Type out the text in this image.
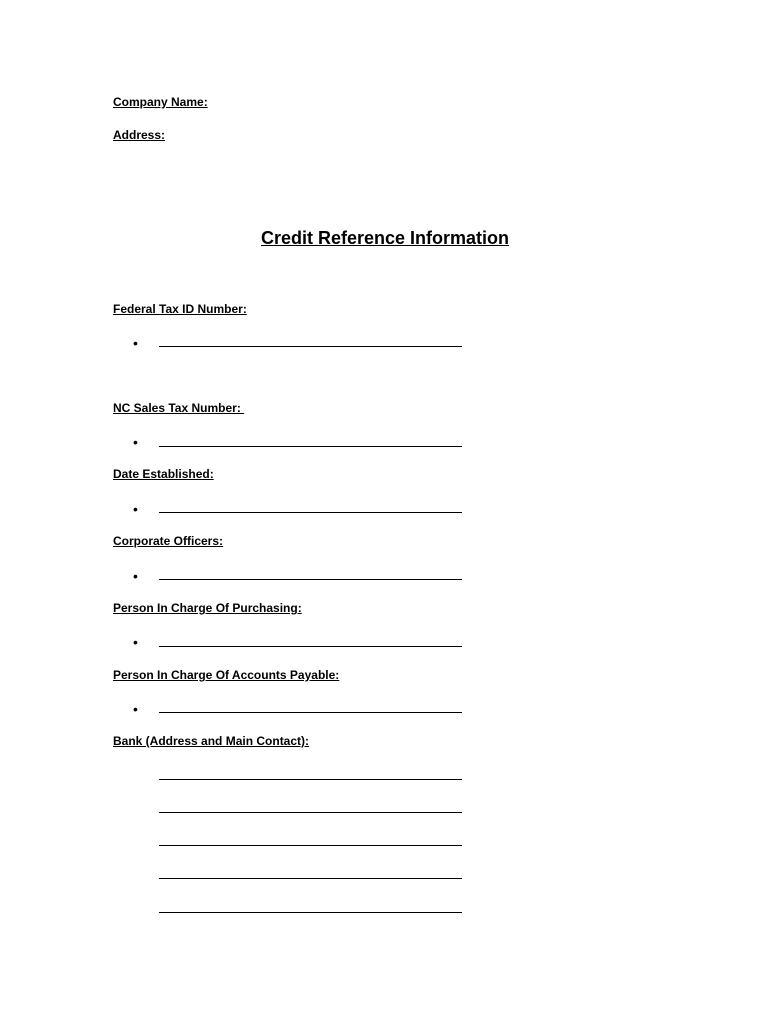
Company Name:
Address:
Credit Reference Information
Federal Tax ID Number:
•
NC Sales Tax Number:
•
Date Established:
•
Corporate Officers:
•
Person In Charge Of Purchasing:
•
Person In Charge Of Accounts Payable:
•
Bank (Address and Main Contact):
